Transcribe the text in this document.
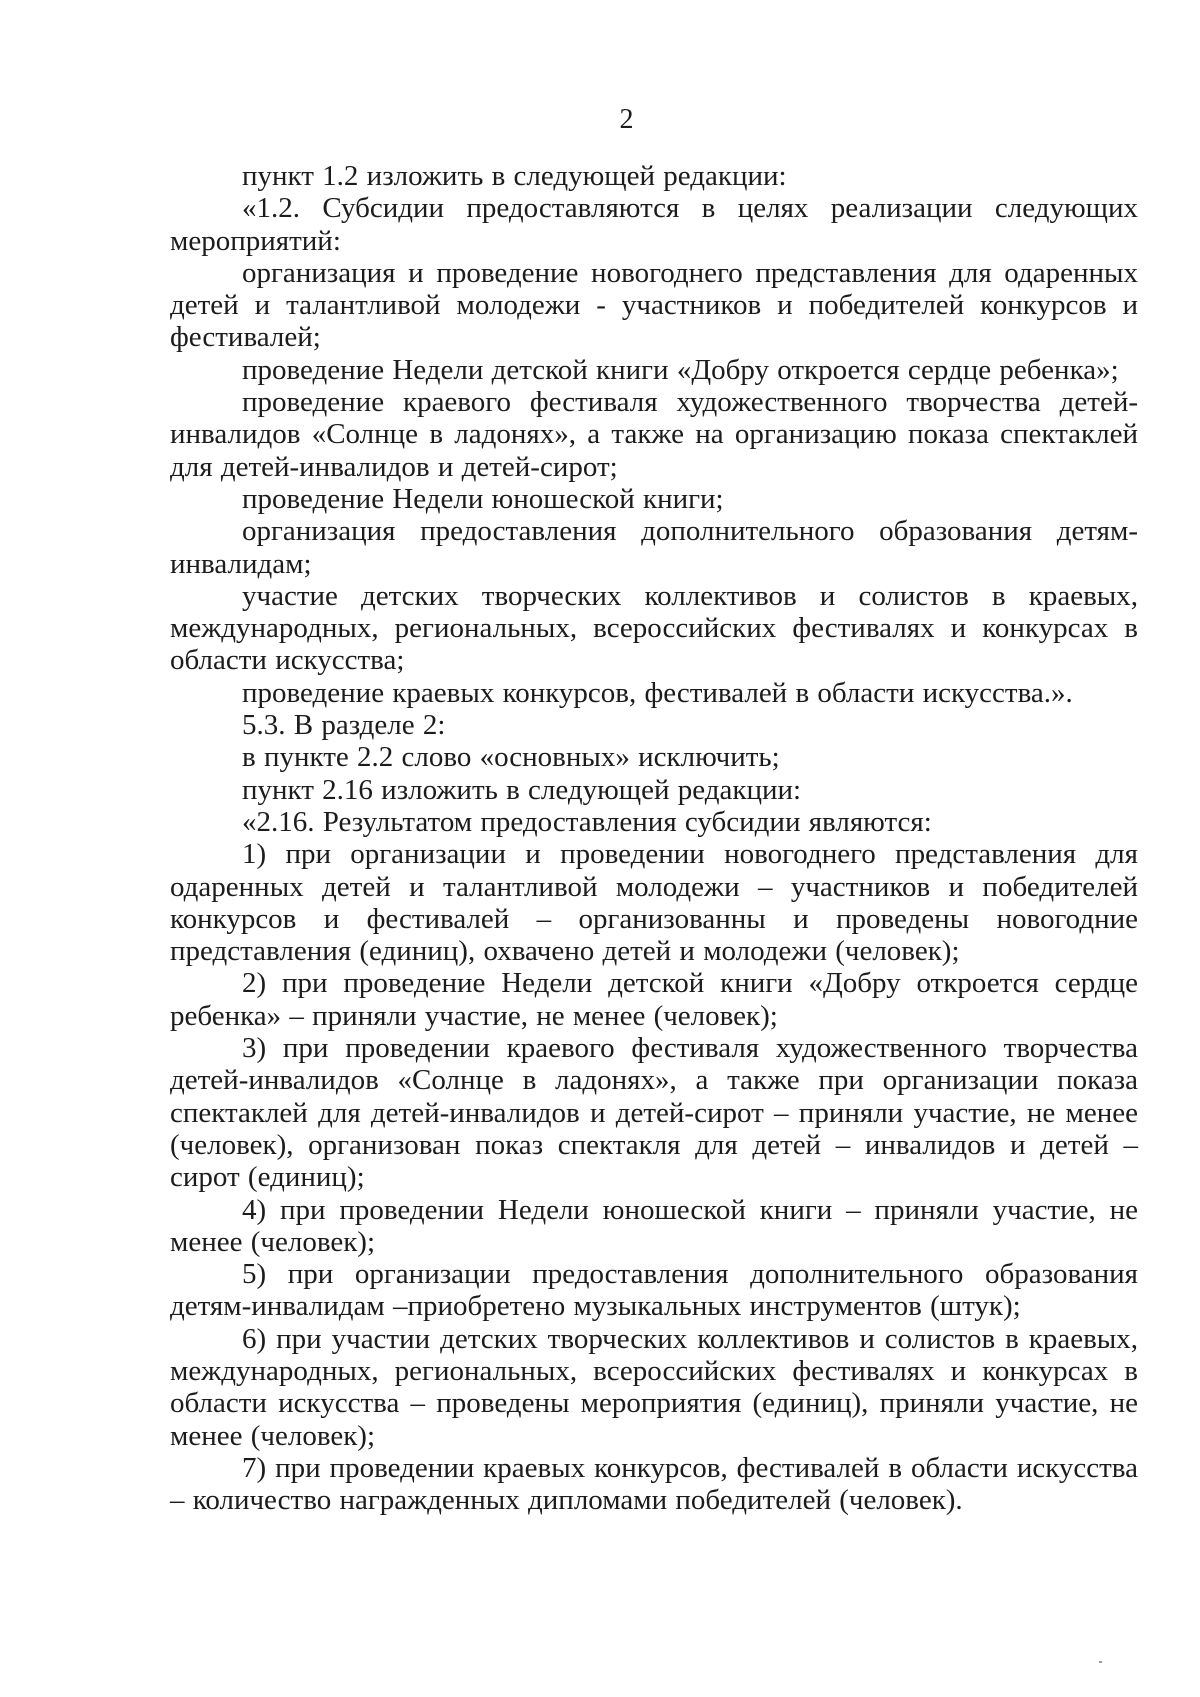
2

пункт 1.2 изложить в следующей редакции:

«1.2. Субсидии предоставляются в целях реализации следующих мероприятий:

организация и проведение новогоднего представления для одаренных детей и талантливой молодежи - участников и победителей конкурсов и фестивалей;

проведение Недели детской книги «Добру откроется сердце ребенка»;

проведение краевого фестиваля художественного творчества детей-инвалидов «Солнце в ладонях», а также на организацию показа спектаклей для детей-инвалидов и детей-сирот;

проведение Недели юношеской книги;

организация предоставления дополнительного образования детям-инвалидам;

участие детских творческих коллективов и солистов в краевых, международных, региональных, всероссийских фестивалях и конкурсах в области искусства;

проведение краевых конкурсов, фестивалей в области искусства.».

5.3. В разделе 2:

в пункте 2.2 слово «основных» исключить;

пункт 2.16 изложить в следующей редакции:

«2.16. Результатом предоставления субсидии являются:

1) при организации и проведении новогоднего представления для одаренных детей и талантливой молодежи – участников и победителей конкурсов и фестивалей – организованны и проведены новогодние представления (единиц), охвачено детей и молодежи (человек);

2) при проведение Недели детской книги «Добру откроется сердце ребенка» – приняли участие, не менее (человек);

3) при проведении краевого фестиваля художественного творчества детей-инвалидов «Солнце в ладонях», а также при организации показа спектаклей для детей-инвалидов и детей-сирот – приняли участие, не менее (человек), организован показ спектакля для детей – инвалидов и детей – сирот (единиц);

4) при проведении Недели юношеской книги – приняли участие, не менее (человек);

5) при организации предоставления дополнительного образования детям-инвалидам –приобретено музыкальных инструментов (штук);

6) при участии детских творческих коллективов и солистов в краевых, международных, региональных, всероссийских фестивалях и конкурсах в области искусства – проведены мероприятия (единиц), приняли участие, не менее (человек);

7) при проведении краевых конкурсов, фестивалей в области искусства – количество награжденных дипломами победителей (человек).
